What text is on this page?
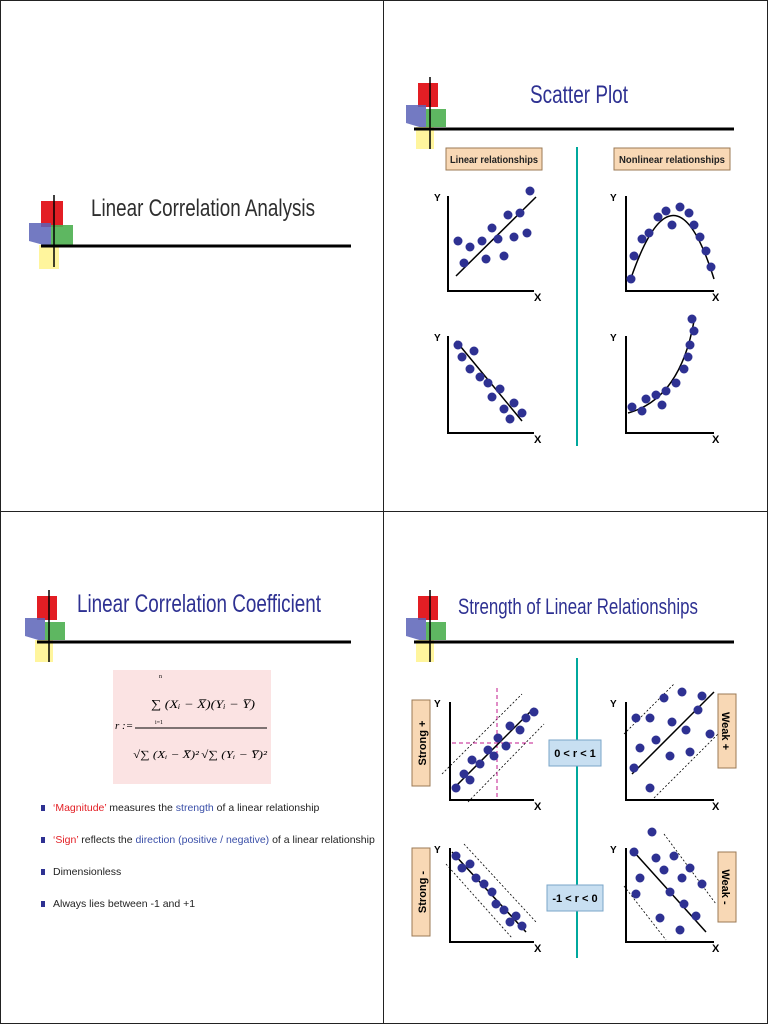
Linear Correlation Analysis
Scatter Plot
Linear relationships	Nonlinear relationships
Y
X
Y
X
Y
X
Y
X
Linear Correlation Coefficient
r :=
n
i=1
∑ (Xᵢ − X̅)(Yᵢ − Y̅)
√∑ (Xᵢ − X̅)² √∑ (Yᵢ − Y̅)²
‘Magnitude’ measures the strength of a linear relationship
‘Sign’ reflects the direction (positive / negative) of a linear relationship
Dimensionless
Always lies between -1 and +1
Strength of Linear Relationships
Strong +
Strong -
Weak +
Weak -
0 < r < 1
-1 < r < 0
Y
X
Y
X
Y
X
Y
X
